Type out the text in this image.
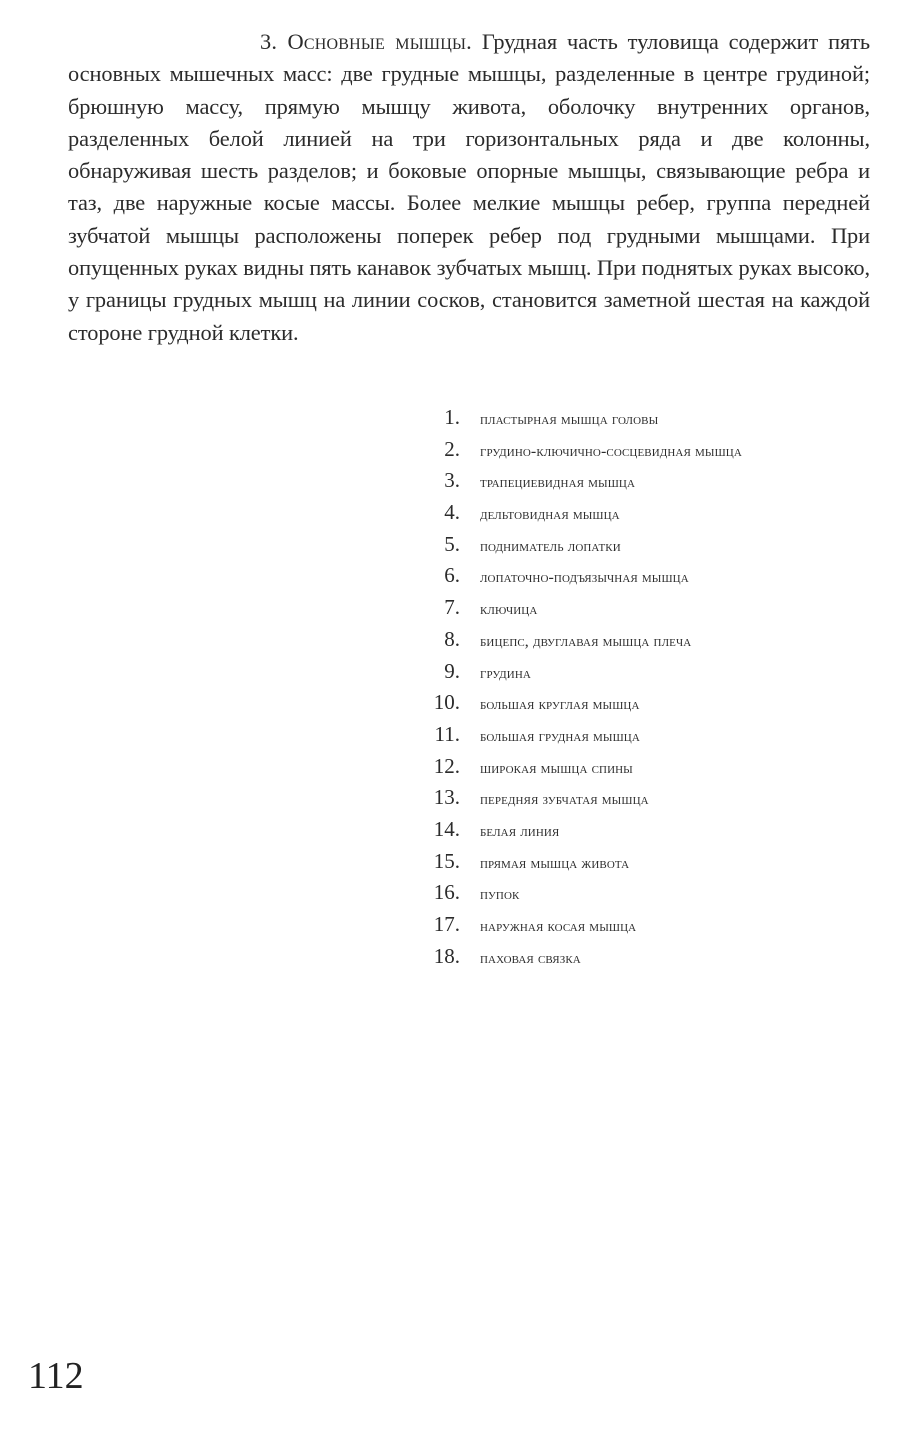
3. Основные мышцы. Грудная часть туловища содержит пять основных мышечных масс: две грудные мышцы, разделенные в центре грудиной; брюшную массу, прямую мышцу живота, оболочку внутренних органов, разделенных белой линией на три горизонтальных ряда и две колонны, обнаруживая шесть разделов; и боковые опорные мышцы, связывающие ребра и таз, две наружные косые массы. Более мелкие мышцы ребер, группа передней зубчатой мышцы расположены поперек ребер под грудными мышцами. При опущенных руках видны пять канавок зубчатых мышц. При поднятых руках высоко, у границы грудных мышц на линии сосков, становится заметной шестая на каждой стороне грудной клетки.

1.	пластырная мышца головы
2.	грудино-ключично-сосцевидная мышца
3.	трапециевидная мышца
4.	дельтовидная мышца
5.	подниматель лопатки
6.	лопаточно-подъязычная мышца
7.	ключица
8.	бицепс, двуглавая мышца плеча
9.	грудина
10.	большая круглая мышца
11.	большая грудная мышца
12.	широкая мышца спины
13.	передняя зубчатая мышца
14.	белая линия
15.	прямая мышца живота
16.	пупок
17.	наружная косая мышца
18.	паховая связка
112
